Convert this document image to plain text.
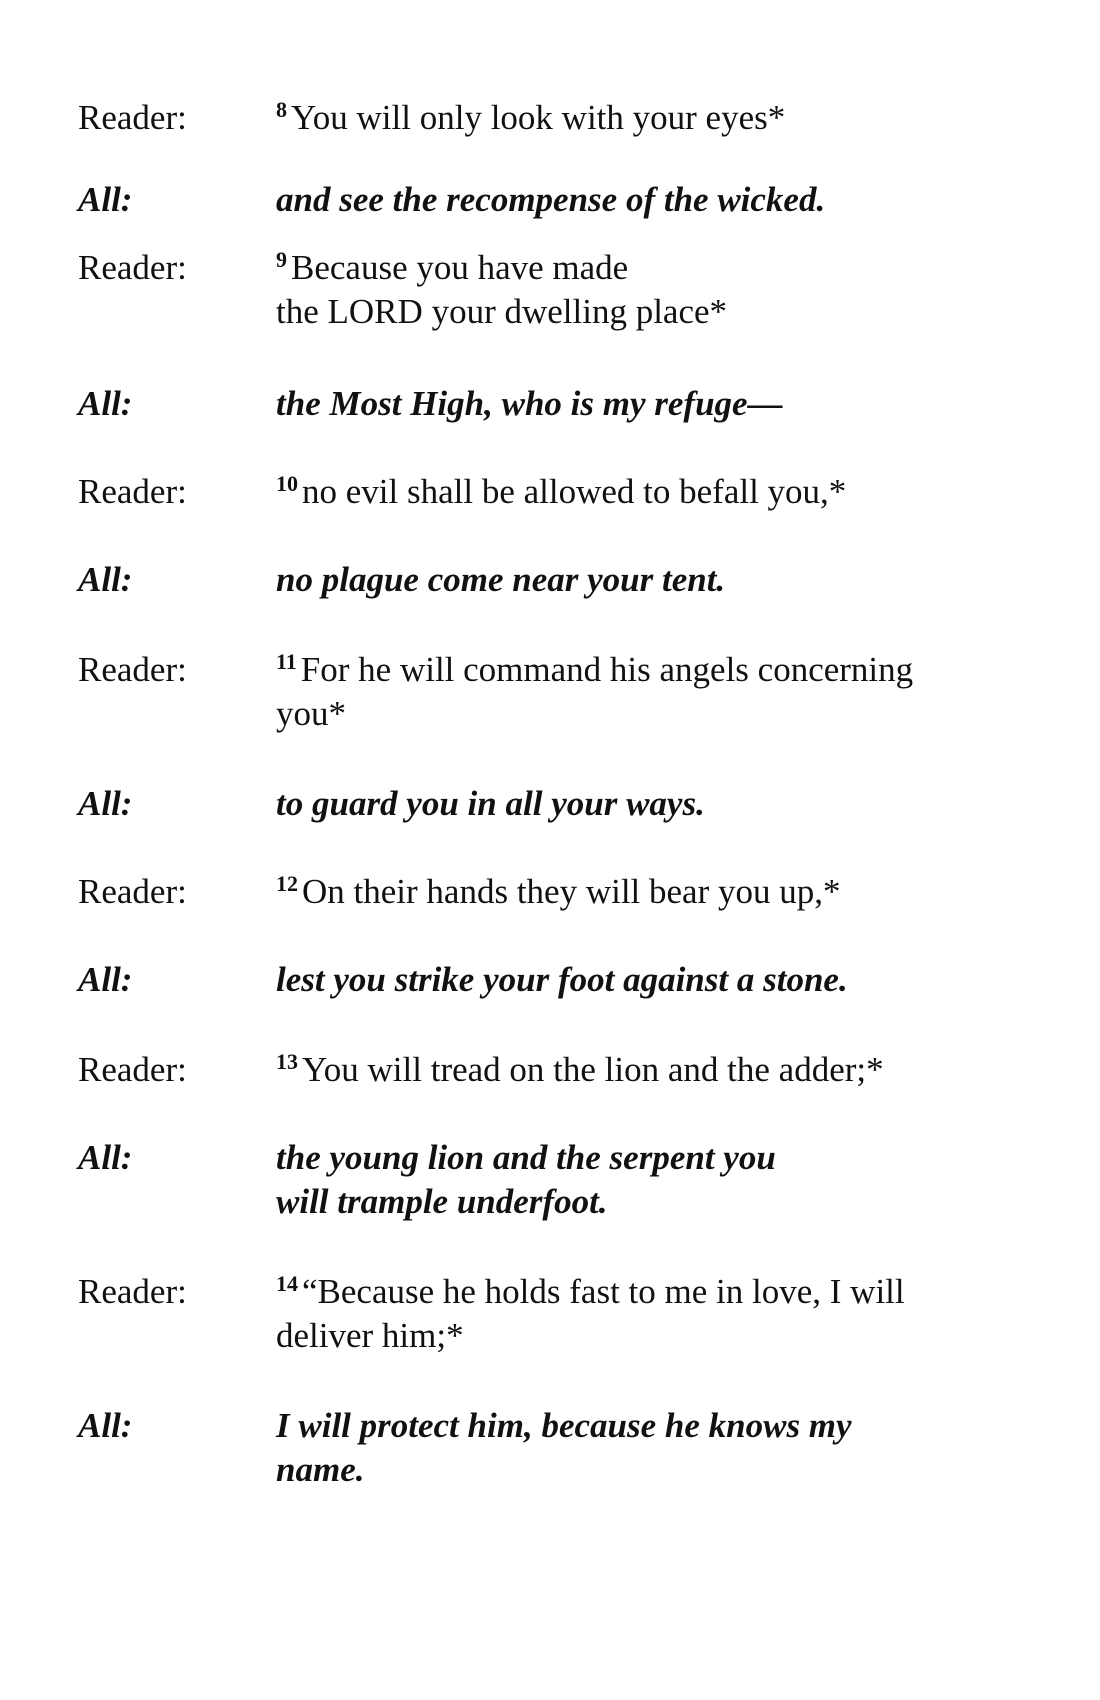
Reader:	$^8$ You will only look with your eyes*
All:	and see the recompense of the wicked.
Reader:	$^9$ Because you have made
the LORD your dwelling place*
All:	the Most High, who is my refuge—
Reader:	$^{10}$ no evil shall be allowed to befall you,*
All:	no plague come near your tent.
Reader:	$^{11}$ For he will command his angels concerning
you*
All:	to guard you in all your ways.
Reader:	$^{12}$ On their hands they will bear you up,*
All:	lest you strike your foot against a stone.
Reader:	$^{13}$ You will tread on the lion and the adder;*
All:	the young lion and the serpent you
will trample underfoot.
Reader:	$^{14}$ “Because he holds fast to me in love, I will
deliver him;*
All:	I will protect him, because he knows my
name.
